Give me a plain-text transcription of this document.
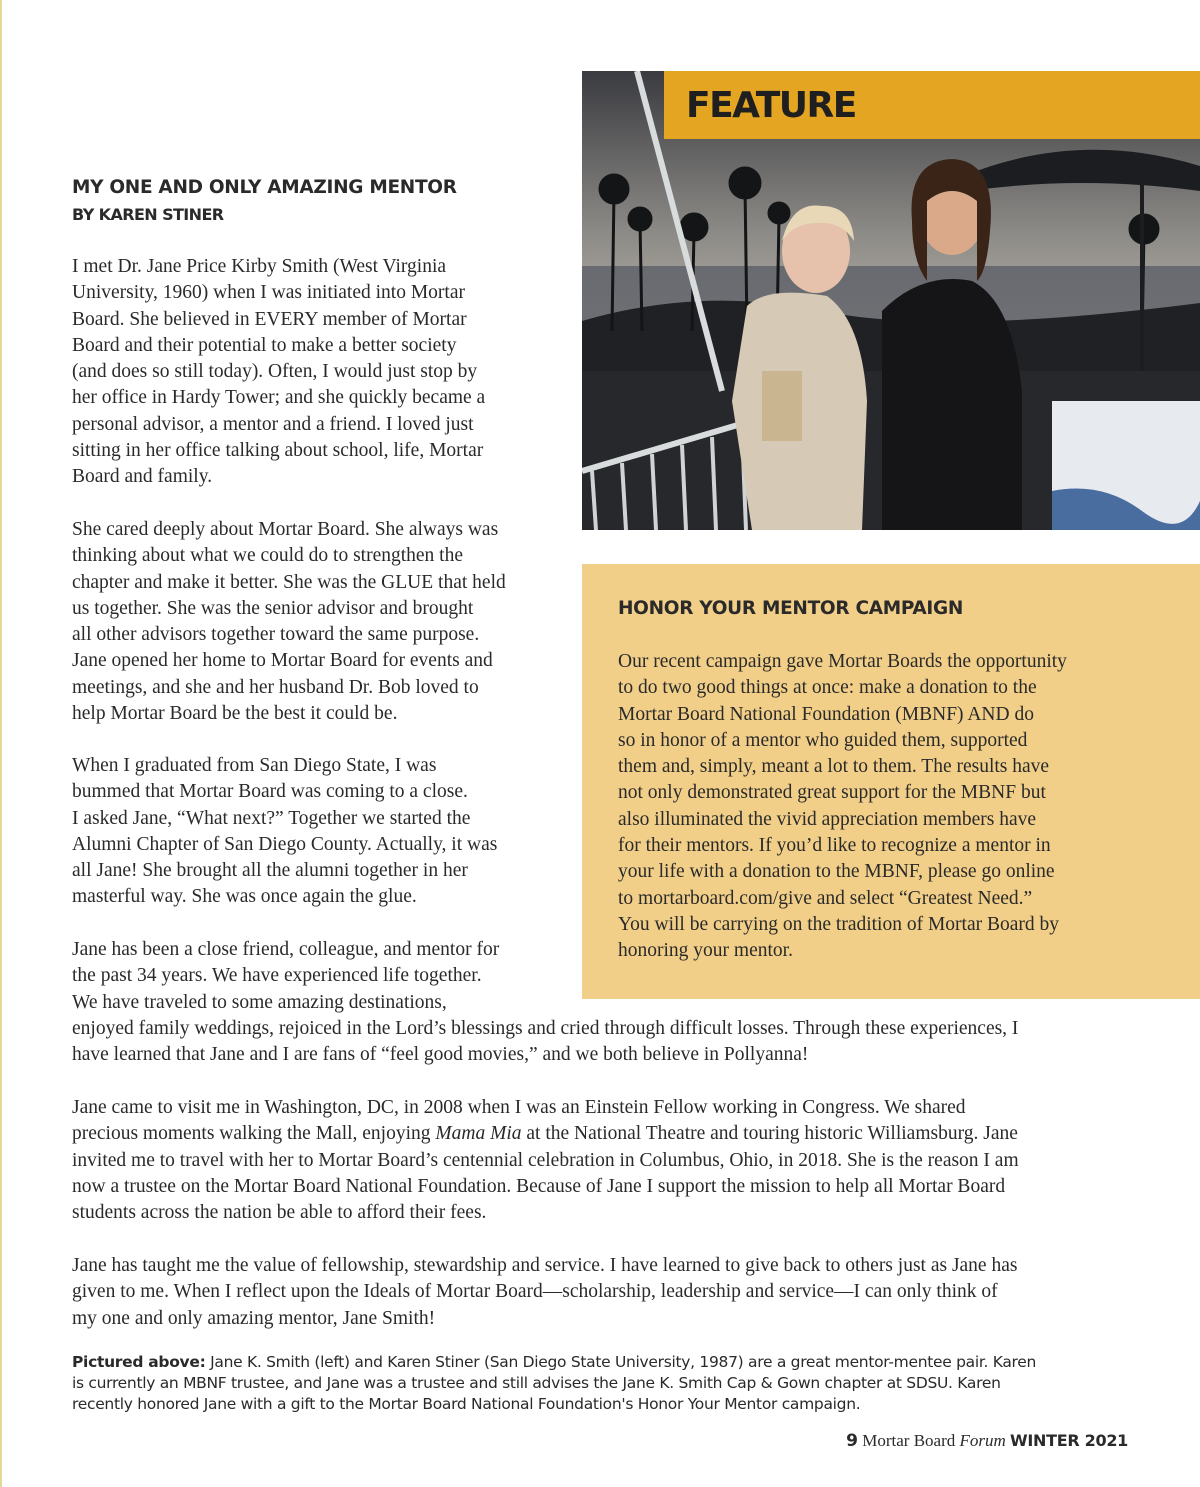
FEATURE
MY ONE AND ONLY AMAZING MENTOR
BY KAREN STINER
I met Dr. Jane Price Kirby Smith (West Virginia
University, 1960) when I was initiated into Mortar
Board. She believed in EVERY member of Mortar
Board and their potential to make a better society
(and does so still today). Often, I would just stop by
her office in Hardy Tower; and she quickly became a
personal advisor, a mentor and a friend. I loved just
sitting in her office talking about school, life, Mortar
Board and family.
She cared deeply about Mortar Board. She always was
thinking about what we could do to strengthen the
chapter and make it better. She was the GLUE that held
us together. She was the senior advisor and brought
all other advisors together toward the same purpose.
Jane opened her home to Mortar Board for events and
meetings, and she and her husband Dr. Bob loved to
help Mortar Board be the best it could be.
When I graduated from San Diego State, I was
bummed that Mortar Board was coming to a close.
I asked Jane, “What next?” Together we started the
Alumni Chapter of San Diego County. Actually, it was
all Jane! She brought all the alumni together in her
masterful way. She was once again the glue.
Jane has been a close friend, colleague, and mentor for
the past 34 years. We have experienced life together.
We have traveled to some amazing destinations,
enjoyed family weddings, rejoiced in the Lord’s blessings and cried through difficult losses. Through these experiences, I
have learned that Jane and I are fans of “feel good movies,” and we both believe in Pollyanna!
Jane came to visit me in Washington, DC, in 2008 when I was an Einstein Fellow working in Congress. We shared
precious moments walking the Mall, enjoying Mama Mia at the National Theatre and touring historic Williamsburg. Jane
invited me to travel with her to Mortar Board’s centennial celebration in Columbus, Ohio, in 2018. She is the reason I am
now a trustee on the Mortar Board National Foundation. Because of Jane I support the mission to help all Mortar Board
students across the nation be able to afford their fees.
Jane has taught me the value of fellowship, stewardship and service. I have learned to give back to others just as Jane has
given to me. When I reflect upon the Ideals of Mortar Board—scholarship, leadership and service—I can only think of
my one and only amazing mentor, Jane Smith!
HONOR YOUR MENTOR CAMPAIGN
Our recent campaign gave Mortar Boards the opportunity
to do two good things at once: make a donation to the
Mortar Board National Foundation (MBNF) AND do
so in honor of a mentor who guided them, supported
them and, simply, meant a lot to them. The results have
not only demonstrated great support for the MBNF but
also illuminated the vivid appreciation members have
for their mentors. If you’d like to recognize a mentor in
your life with a donation to the MBNF, please go online
to mortarboard.com/give and select “Greatest Need.”
You will be carrying on the tradition of Mortar Board by
honoring your mentor.
Pictured above: Jane K. Smith (left) and Karen Stiner (San Diego State University, 1987) are a great mentor-mentee pair. Karen
is currently an MBNF trustee, and Jane was a trustee and still advises the Jane K. Smith Cap & Gown chapter at SDSU. Karen
recently honored Jane with a gift to the Mortar Board National Foundation's Honor Your Mentor campaign.
9 Mortar Board Forum WINTER 2021
